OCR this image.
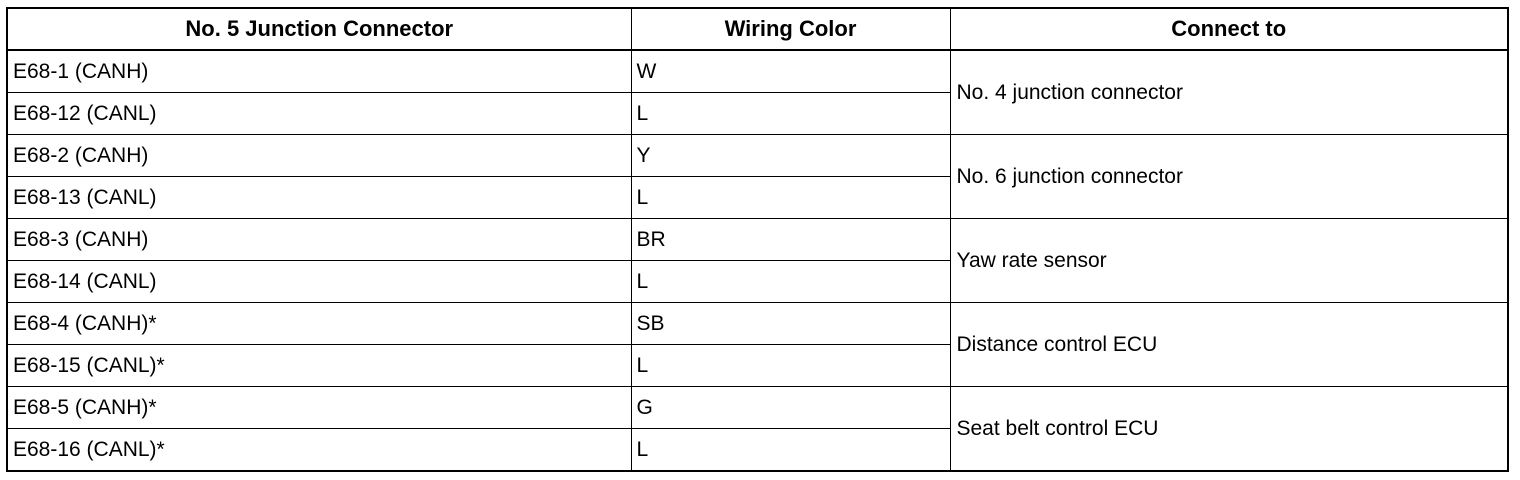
No. 5 Junction Connector	Wiring Color	Connect to
E68-1 (CANH)	W	No. 4 junction connector
E68-12 (CANL)	L	
E68-2 (CANH)	Y	No. 6 junction connector
E68-13 (CANL)	L	
E68-3 (CANH)	BR	Yaw rate sensor
E68-14 (CANL)	L	
E68-4 (CANH)*	SB	Distance control ECU
E68-15 (CANL)*	L	
E68-5 (CANH)*	G	Seat belt control ECU
E68-16 (CANL)*	L	
